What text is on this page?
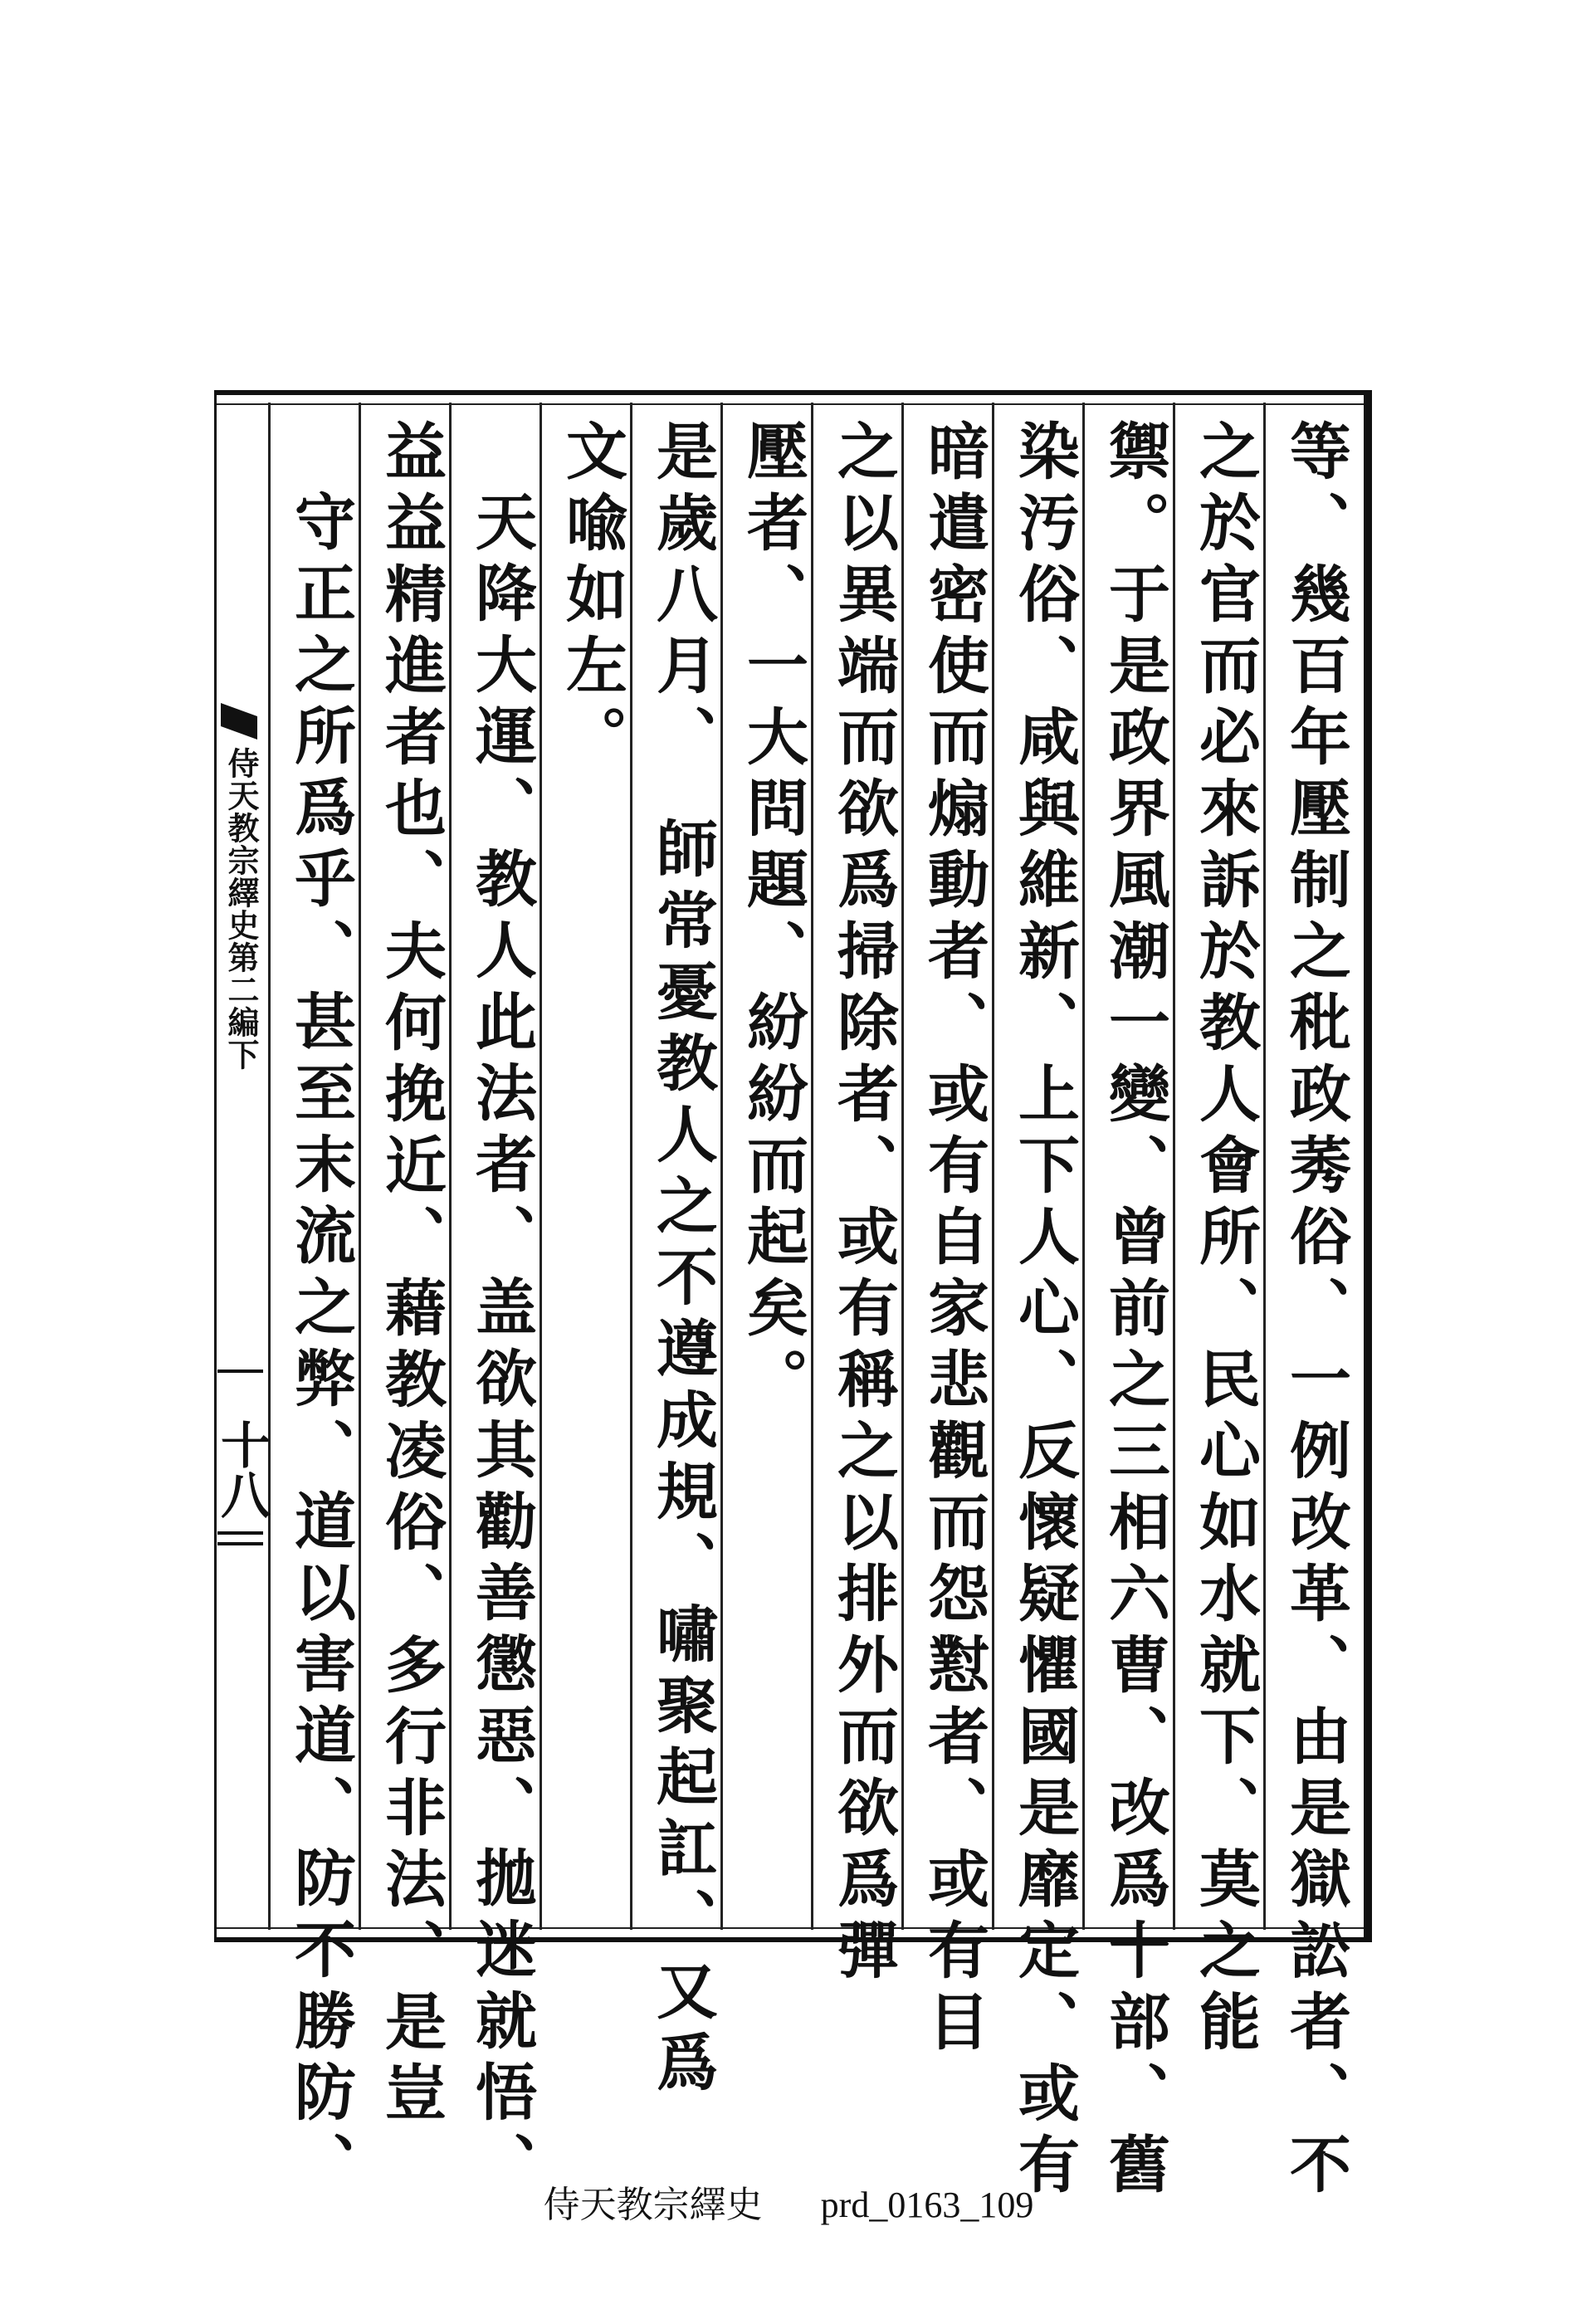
等、幾百年壓制之秕政莠俗、一例改革、由是獄訟者、不
之於官而必來訴於教人會所、民心如水就下、莫之能
禦。于是政界風潮一變、曾前之三相六曹、改爲十部、舊
染汚俗、咸與維新、上下人心、反懷疑懼國是靡定、或有
暗遣密使而煽動者、或有自家悲觀而怨懟者、或有目
之以異端而欲爲掃除者、或有稱之以排外而欲爲彈
壓者、一大問題、紛紛而起矣。
是歲八月、　師常憂教人之不遵成規、嘯聚起訌、又爲
文喩如左。
天降大運、教人此法者、盖欲其勸善懲惡、拋迷就悟、
益益精進者也、夫何挽近、藉教凌俗、多行非法、是豈
守正之所爲乎、甚至末流之弊、道以害道、防不勝防、
侍天教宗繹史第二編下
十八
侍天教宗繹史 prd_0163_109
